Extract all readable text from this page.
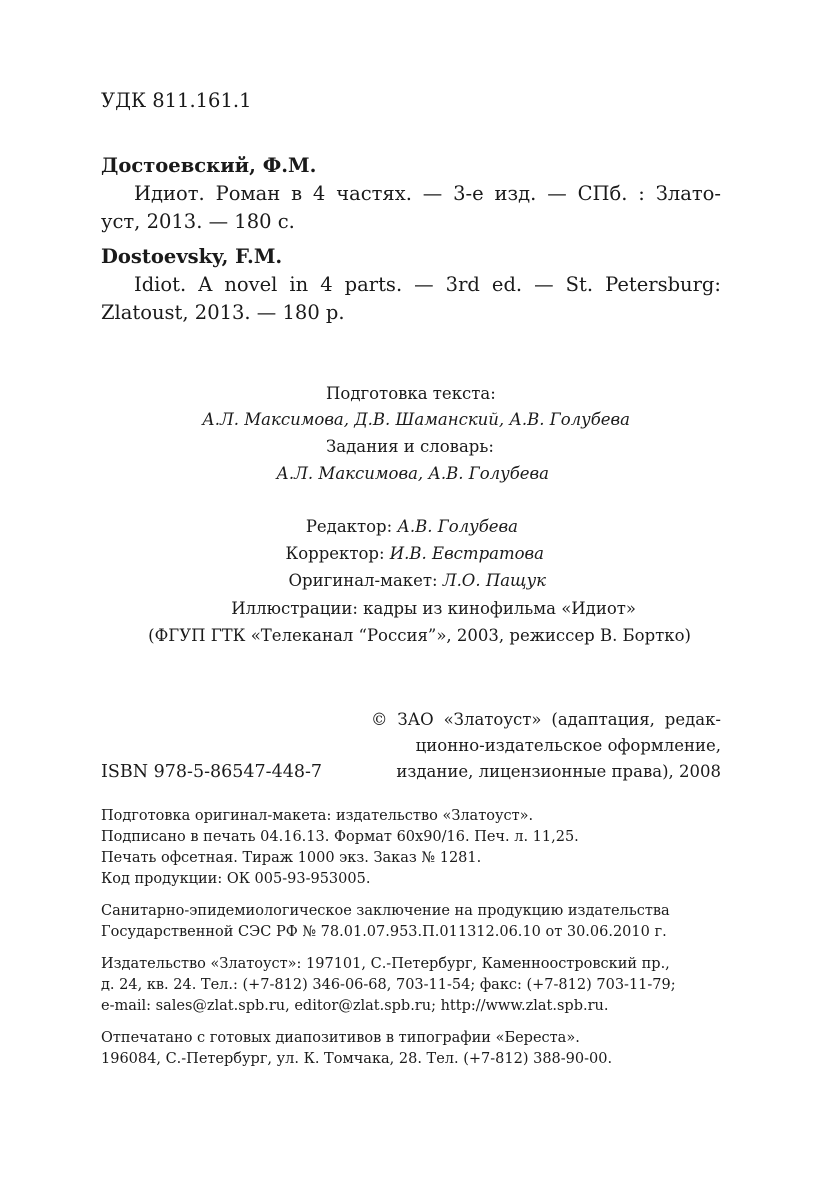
УДК 811.161.1

Достоевский, Ф.М.

Идиот. Роман в 4 частях. — 3-е изд. — СПб. : Злато-

уст, 2013. — 180 с.

Dostoevsky, F.M.

Idiot. A novel in 4 parts. — 3rd ed. — St. Petersburg:

Zlatoust, 2013. — 180 p.

Подготовка текста:

А.Л. Максимова, Д.В. Шаманский, А.В. Голубева

Задания и словарь:

А.Л. Максимова, А.В. Голубева

Редактор: А.В. Голубева

Корректор: И.В. Евстратова

Оригинал-макет: Л.О. Пащук

Иллюстрации: кадры из кинофильма «Идиот»

(ФГУП ГТК «Телеканал “Россия”», 2003, режиссер В. Бортко)

© ЗАО «Златоуст» (адаптация, редак-

ционно-издательское оформление,

издание, лицензионные права), 2008

ISBN 978-5-86547-448-7

Подготовка оригинал-макета: издательство «Златоуст».

Подписано в печать 04.16.13. Формат 60x90/16. Печ. л. 11,25.

Печать офсетная. Тираж 1000 экз. Заказ № 1281.

Код продукции: ОК 005-93-953005.

Санитарно-эпидемиологическое заключение на продукцию издательства

Государственной СЭС РФ № 78.01.07.953.П.011312.06.10 от 30.06.2010 г.

Издательство «Златоуст»: 197101, С.-Петербург, Каменноостровский пр.,

д. 24, кв. 24. Тел.: (+7-812) 346-06-68, 703-11-54; факс: (+7-812) 703-11-79;

e-mail: sales@zlat.spb.ru, editor@zlat.spb.ru; http://www.zlat.spb.ru.

Отпечатано с готовых диапозитивов в типографии «Береста».

196084, С.-Петербург, ул. К. Томчака, 28. Тел. (+7-812) 388-90-00.
